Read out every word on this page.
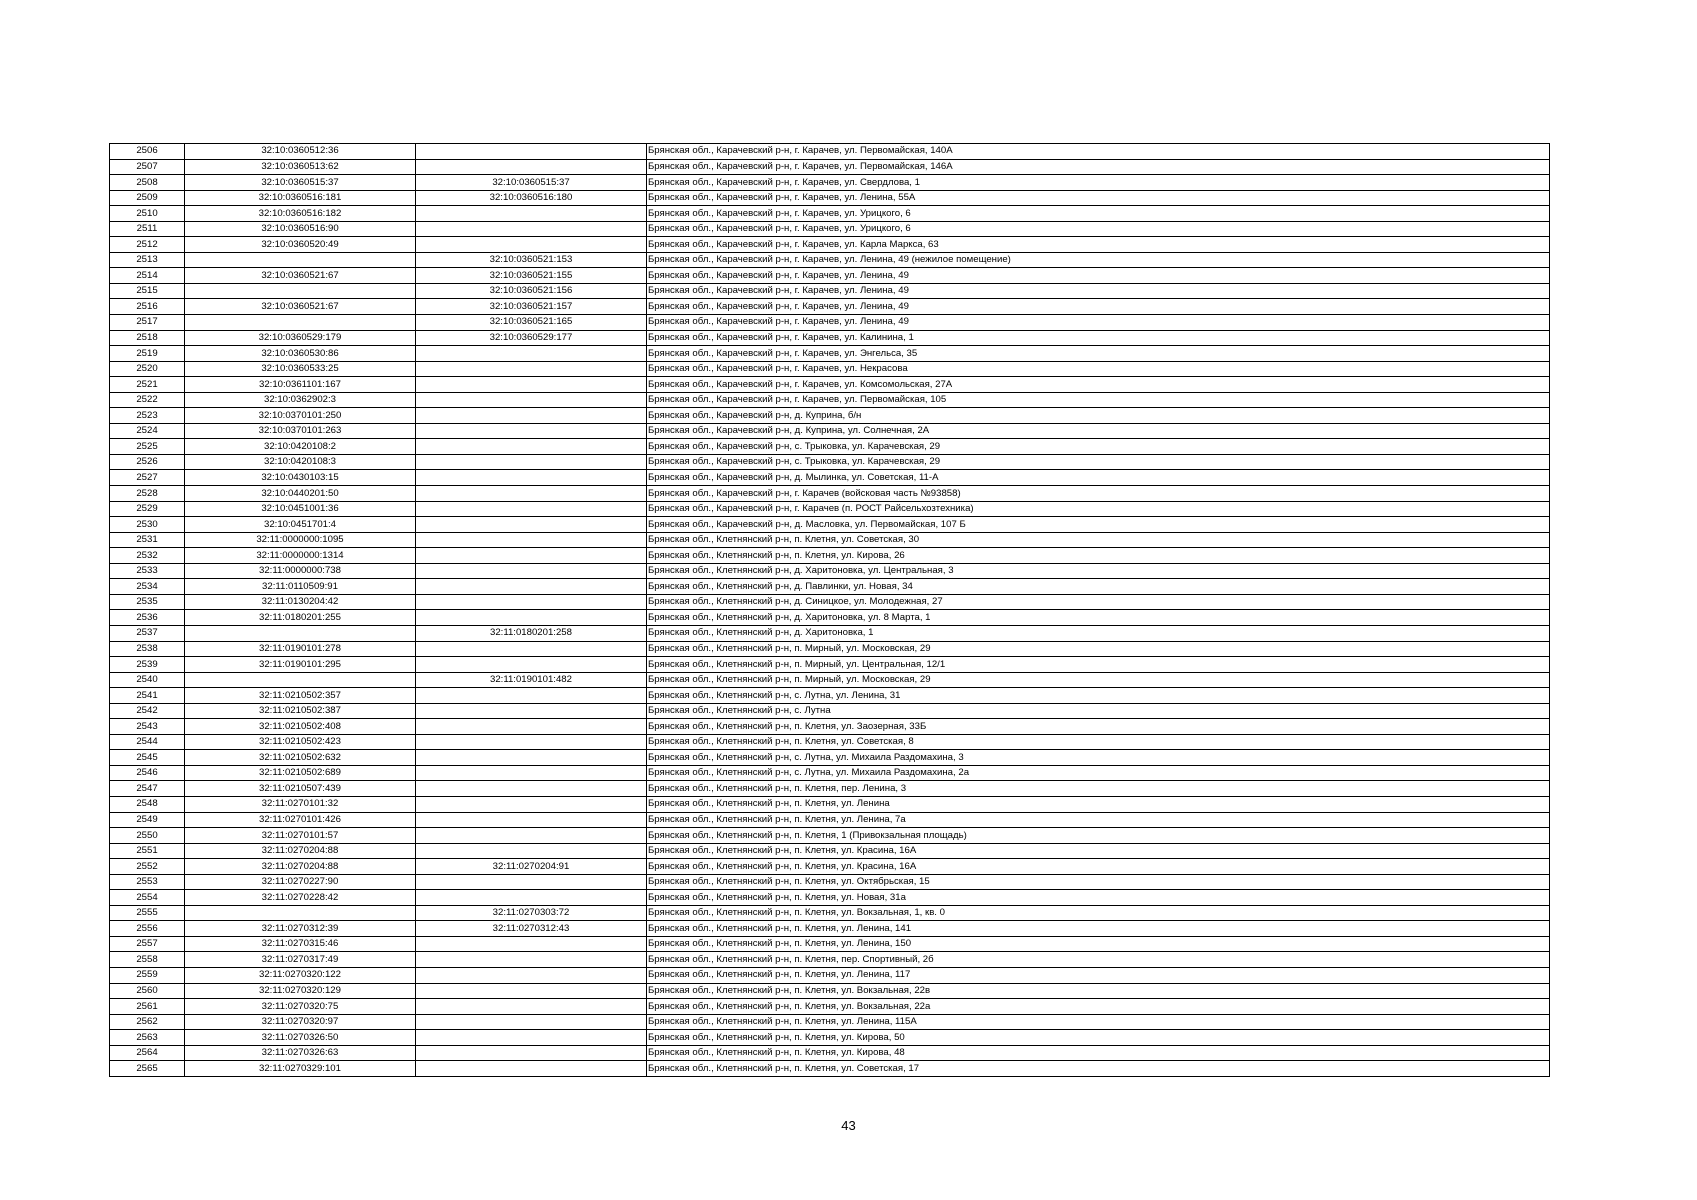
2506	32:10:0360512:36		Брянская обл., Карачевский р-н, г. Карачев, ул. Первомайская, 140А
2507	32:10:0360513:62		Брянская обл., Карачевский р-н, г. Карачев, ул. Первомайская, 146А
2508	32:10:0360515:37	32:10:0360515:37	Брянская обл., Карачевский р-н, г. Карачев, ул. Свердлова, 1
2509	32:10:0360516:181	32:10:0360516:180	Брянская обл., Карачевский р-н, г. Карачев, ул. Ленина, 55А
2510	32:10:0360516:182		Брянская обл., Карачевский р-н, г. Карачев, ул. Урицкого, 6
2511	32:10:0360516:90		Брянская обл., Карачевский р-н, г. Карачев, ул. Урицкого, 6
2512	32:10:0360520:49		Брянская обл., Карачевский р-н, г. Карачев, ул. Карла Маркса, 63
2513		32:10:0360521:153	Брянская обл., Карачевский р-н, г. Карачев, ул. Ленина, 49 (нежилое помещение)
2514	32:10:0360521:67	32:10:0360521:155	Брянская обл., Карачевский р-н, г. Карачев, ул. Ленина, 49
2515		32:10:0360521:156	Брянская обл., Карачевский р-н, г. Карачев, ул. Ленина, 49
2516	32:10:0360521:67	32:10:0360521:157	Брянская обл., Карачевский р-н, г. Карачев, ул. Ленина, 49
2517		32:10:0360521:165	Брянская обл., Карачевский р-н, г. Карачев, ул. Ленина, 49
2518	32:10:0360529:179	32:10:0360529:177	Брянская обл., Карачевский р-н, г. Карачев, ул. Калинина, 1
2519	32:10:0360530:86		Брянская обл., Карачевский р-н, г. Карачев, ул. Энгельса, 35
2520	32:10:0360533:25		Брянская обл., Карачевский р-н, г. Карачев, ул. Некрасова
2521	32:10:0361101:167		Брянская обл., Карачевский р-н, г. Карачев, ул. Комсомольская, 27А
2522	32:10:0362902:3		Брянская обл., Карачевский р-н, г. Карачев, ул. Первомайская, 105
2523	32:10:0370101:250		Брянская обл., Карачевский р-н, д. Куприна, б/н
2524	32:10:0370101:263		Брянская обл., Карачевский р-н, д. Куприна, ул. Солнечная, 2А
2525	32:10:0420108:2		Брянская обл., Карачевский р-н, с. Трыковка, ул. Карачевская, 29
2526	32:10:0420108:3		Брянская обл., Карачевский р-н, с. Трыковка, ул. Карачевская, 29
2527	32:10:0430103:15		Брянская обл., Карачевский р-н, д. Мылинка, ул. Советская, 11-А
2528	32:10:0440201:50		Брянская обл., Карачевский р-н, г. Карачев (войсковая часть №93858)
2529	32:10:0451001:36		Брянская обл., Карачевский р-н, г. Карачев (п. РОСТ Райсельхозтехника)
2530	32:10:0451701:4		Брянская обл., Карачевский р-н, д. Масловка, ул. Первомайская, 107 Б
2531	32:11:0000000:1095		Брянская обл., Клетнянский р-н, п. Клетня, ул. Советская, 30
2532	32:11:0000000:1314		Брянская обл., Клетнянский р-н, п. Клетня, ул. Кирова, 26
2533	32:11:0000000:738		Брянская обл., Клетнянский р-н, д. Харитоновка, ул. Центральная, 3
2534	32:11:0110509:91		Брянская обл., Клетнянский р-н, д. Павлинки, ул. Новая, 34
2535	32:11:0130204:42		Брянская обл., Клетнянский р-н, д. Синицкое, ул. Молодежная, 27
2536	32:11:0180201:255		Брянская обл., Клетнянский р-н, д. Харитоновка, ул. 8 Марта, 1
2537		32:11:0180201:258	Брянская обл., Клетнянский р-н, д. Харитоновка, 1
2538	32:11:0190101:278		Брянская обл., Клетнянский р-н, п. Мирный, ул. Московская, 29
2539	32:11:0190101:295		Брянская обл., Клетнянский р-н, п. Мирный, ул. Центральная, 12/1
2540		32:11:0190101:482	Брянская обл., Клетнянский р-н, п. Мирный, ул. Московская, 29
2541	32:11:0210502:357		Брянская обл., Клетнянский р-н, с. Лутна, ул. Ленина, 31
2542	32:11:0210502:387		Брянская обл., Клетнянский р-н, с. Лутна
2543	32:11:0210502:408		Брянская обл., Клетнянский р-н, п. Клетня, ул. Заозерная, 33Б
2544	32:11:0210502:423		Брянская обл., Клетнянский р-н, п. Клетня, ул. Советская, 8
2545	32:11:0210502:632		Брянская обл., Клетнянский р-н, с. Лутна, ул. Михаила Раздомахина, 3
2546	32:11:0210502:689		Брянская обл., Клетнянский р-н, с. Лутна, ул. Михаила Раздомахина, 2а
2547	32:11:0210507:439		Брянская обл., Клетнянский р-н, п. Клетня, пер. Ленина, 3
2548	32:11:0270101:32		Брянская обл., Клетнянский р-н, п. Клетня, ул. Ленина
2549	32:11:0270101:426		Брянская обл., Клетнянский р-н, п. Клетня, ул. Ленина, 7а
2550	32:11:0270101:57		Брянская обл., Клетнянский р-н, п. Клетня, 1 (Привокзальная площадь)
2551	32:11:0270204:88		Брянская обл., Клетнянский р-н, п. Клетня, ул. Красина, 16А
2552	32:11:0270204:88	32:11:0270204:91	Брянская обл., Клетнянский р-н, п. Клетня, ул. Красина, 16А
2553	32:11:0270227:90		Брянская обл., Клетнянский р-н, п. Клетня, ул. Октябрьская, 15
2554	32:11:0270228:42		Брянская обл., Клетнянский р-н, п. Клетня, ул. Новая, 31а
2555		32:11:0270303:72	Брянская обл., Клетнянский р-н, п. Клетня, ул. Вокзальная, 1, кв. 0
2556	32:11:0270312:39	32:11:0270312:43	Брянская обл., Клетнянский р-н, п. Клетня, ул. Ленина, 141
2557	32:11:0270315:46		Брянская обл., Клетнянский р-н, п. Клетня, ул. Ленина, 150
2558	32:11:0270317:49		Брянская обл., Клетнянский р-н, п. Клетня, пер. Спортивный, 2б
2559	32:11:0270320:122		Брянская обл., Клетнянский р-н, п. Клетня, ул. Ленина, 117
2560	32:11:0270320:129		Брянская обл., Клетнянский р-н, п. Клетня, ул. Вокзальная, 22в
2561	32:11:0270320:75		Брянская обл., Клетнянский р-н, п. Клетня, ул. Вокзальная, 22а
2562	32:11:0270320:97		Брянская обл., Клетнянский р-н, п. Клетня, ул. Ленина, 115А
2563	32:11:0270326:50		Брянская обл., Клетнянский р-н, п. Клетня, ул. Кирова, 50
2564	32:11:0270326:63		Брянская обл., Клетнянский р-н, п. Клетня, ул. Кирова, 48
2565	32:11:0270329:101		Брянская обл., Клетнянский р-н, п. Клетня, ул. Советская, 17
43
